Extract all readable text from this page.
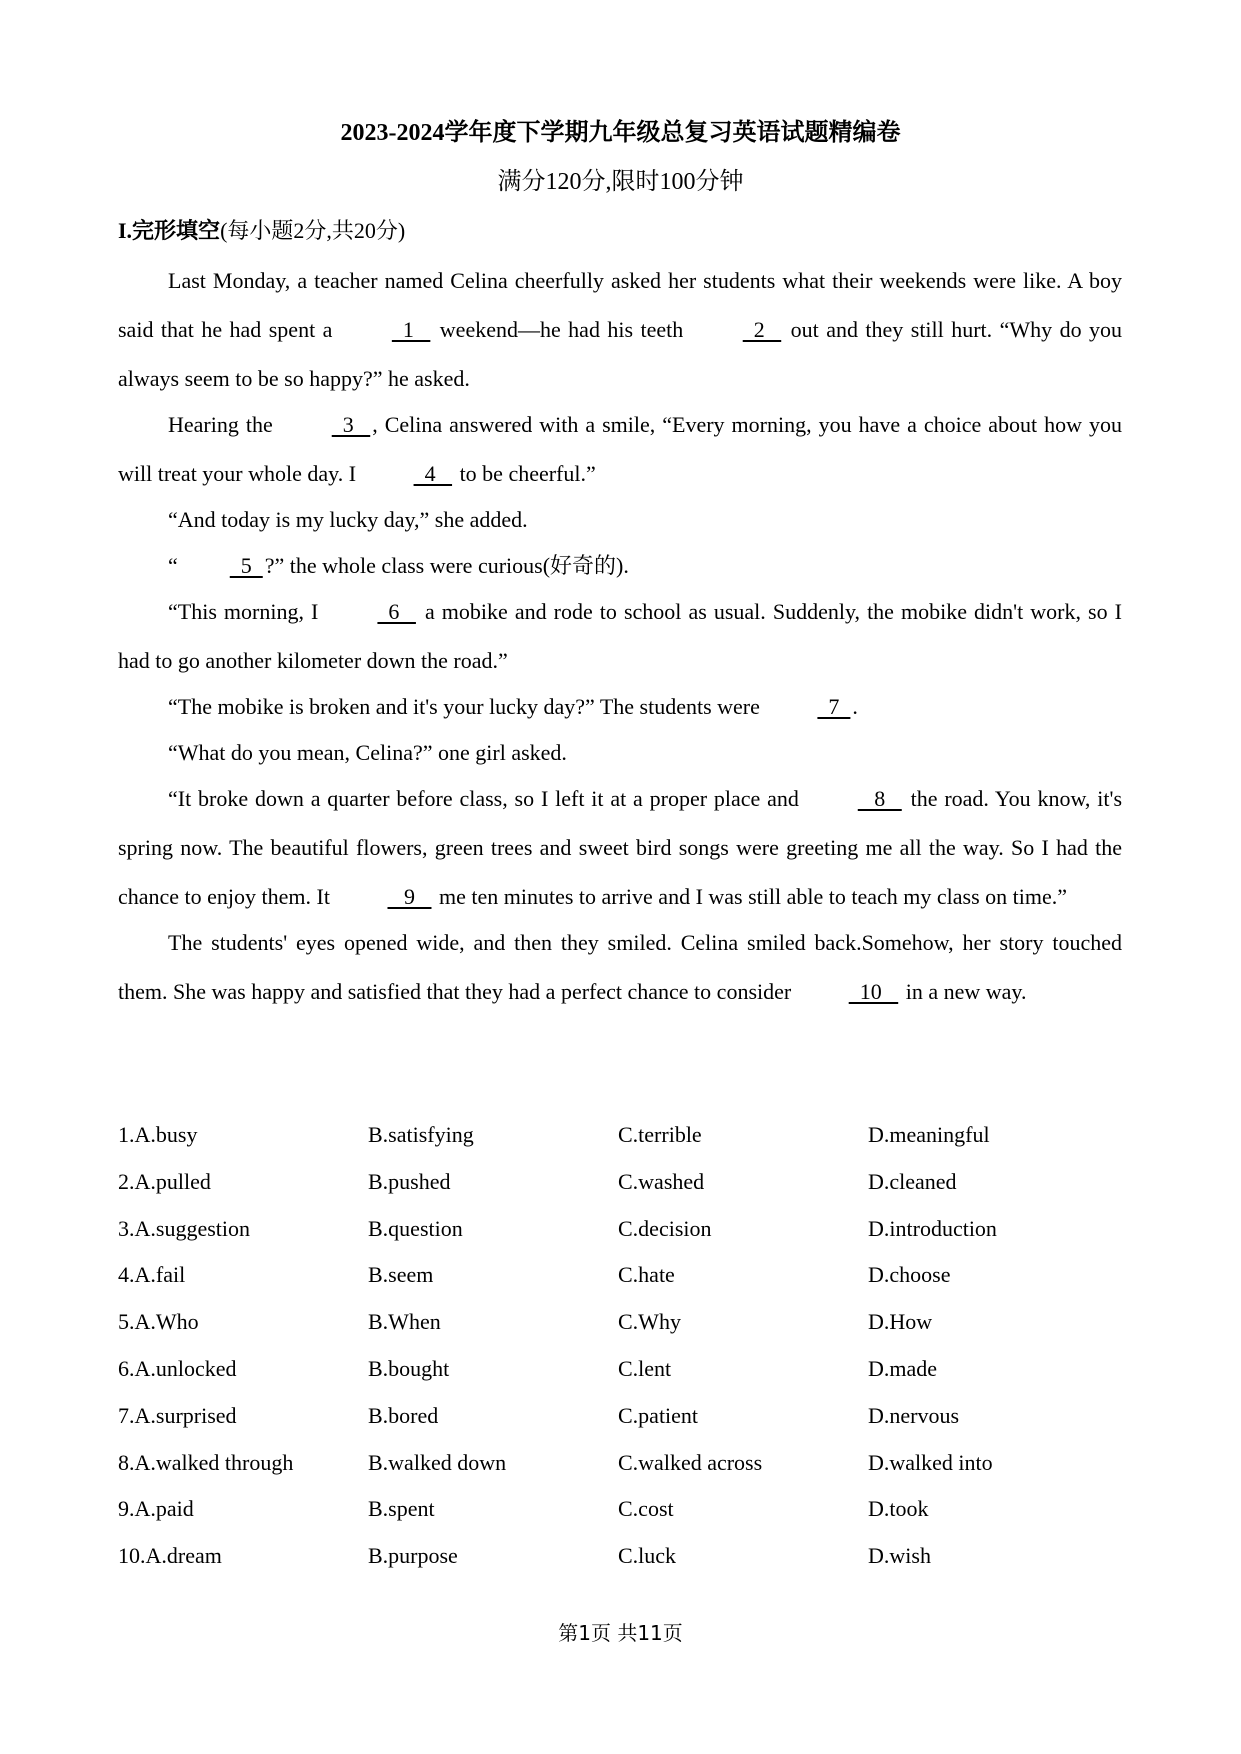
2023-2024学年度下学期九年级总复习英语试题精编卷
满分120分,限时100分钟
I.完形填空(每小题2分,共20分)

Last Monday, a teacher named Celina cheerfully asked her students what their weekends were like. A boy said that he had spent a   1    weekend—he had his teeth   2    out and they still hurt. “Why do you always seem to be so happy?” he asked.

Hearing the   3   , Celina answered with a smile, “Every morning, you have a choice about how you will treat your whole day. I   4    to be cheerful.”

“And today is my lucky day,” she added.

“  5  ?” the whole class were curious(好奇的).

“This morning, I   6    a mobike and rode to school as usual. Suddenly, the mobike didn't work, so I had to go another kilometer down the road.”

“The mobike is broken and it's your lucky day?” The students were   7  .

“What do you mean, Celina?” one girl asked.

“It broke down a quarter before class, so I left it at a proper place and    8    the road. You know, it's spring now. The beautiful flowers, green trees and sweet bird songs were greeting me all the way. So I had the chance to enjoy them. It    9    me ten minutes to arrive and I was still able to teach my class on time.”

The students' eyes opened wide, and then they smiled. Celina smiled back.Somehow, her story touched them. She was happy and satisfied that they had a perfect chance to consider   10    in a new way.

1.A.busy	B.satisfying	C.terrible	D.meaningful
2.A.pulled	B.pushed	C.washed	D.cleaned
3.A.suggestion	B.question	C.decision	D.introduction
4.A.fail	B.seem	C.hate	D.choose
5.A.Who	B.When	C.Why	D.How
6.A.unlocked	B.bought	C.lent	D.made
7.A.surprised	B.bored	C.patient	D.nervous
8.A.walked through	B.walked down	C.walked across	D.walked into
9.A.paid	B.spent	C.cost	D.took
10.A.dream	B.purpose	C.luck	D.wish
第1页 共11页
